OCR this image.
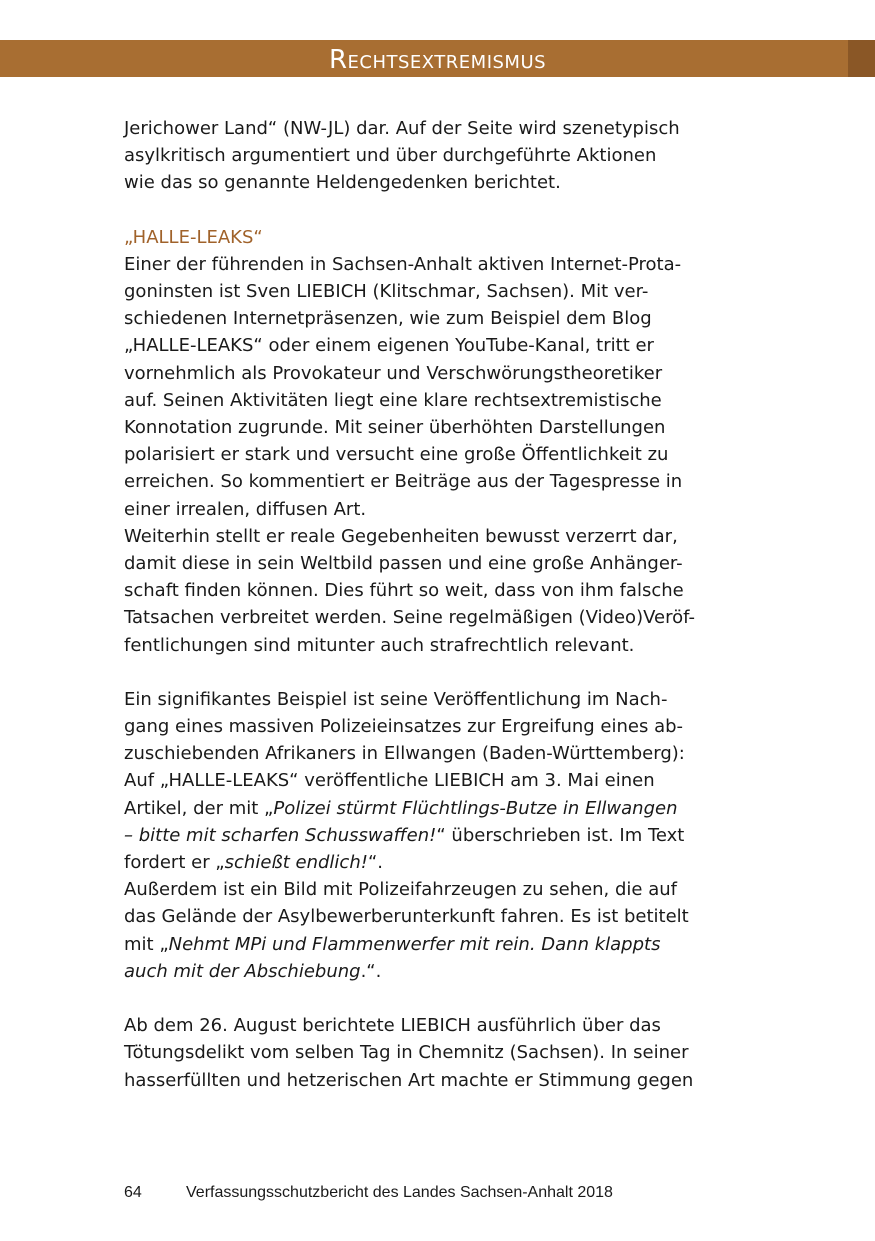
Rechtsextremismus

Jerichower Land“ (NW-JL) dar. Auf der Seite wird szenetypisch

asylkritisch argumentiert und über durchgeführte Aktionen

wie das so genannte Heldengedenken berichtet.

„HALLE-LEAKS“

Einer der führenden in Sachsen-Anhalt aktiven Internet-Prota-

goninsten ist Sven LIEBICH (Klitschmar, Sachsen). Mit ver-

schiedenen Internetpräsenzen, wie zum Beispiel dem Blog

„HALLE-LEAKS“ oder einem eigenen YouTube-Kanal, tritt er

vornehmlich als Provokateur und Verschwörungstheoretiker

auf. Seinen Aktivitäten liegt eine klare rechtsextremistische

Konnotation zugrunde. Mit seiner überhöhten Darstellungen

polarisiert er stark und versucht eine große Öffentlichkeit zu

erreichen. So kommentiert er Beiträge aus der Tagespresse in

einer irrealen, diffusen Art.

Weiterhin stellt er reale Gegebenheiten bewusst verzerrt dar,

damit diese in sein Weltbild passen und eine große Anhänger-

schaft finden können. Dies führt so weit, dass von ihm falsche

Tatsachen verbreitet werden. Seine regelmäßigen (Video)Veröf-

fentlichungen sind mitunter auch strafrechtlich relevant.

Ein signifikantes Beispiel ist seine Veröffentlichung im Nach-

gang eines massiven Polizeieinsatzes zur Ergreifung eines ab-

zuschiebenden Afrikaners in Ellwangen (Baden-Württemberg):

Auf „HALLE-LEAKS“ veröffentliche LIEBICH am 3. Mai einen

Artikel, der mit „Polizei stürmt Flüchtlings-Butze in Ellwangen

– bitte mit scharfen Schusswaffen!“ überschrieben ist. Im Text

fordert er „schießt endlich!“.

Außerdem ist ein Bild mit Polizeifahrzeugen zu sehen, die auf

das Gelände der Asylbewerberunterkunft fahren. Es ist betitelt

mit „Nehmt MPi und Flammenwerfer mit rein. Dann klappts

auch mit der Abschiebung.“.

Ab dem 26. August berichtete LIEBICH ausführlich über das

Tötungsdelikt vom selben Tag in Chemnitz (Sachsen). In seiner

hasserfüllten und hetzerischen Art machte er Stimmung gegen

64	Verfassungsschutzbericht des Landes Sachsen-Anhalt 2018
